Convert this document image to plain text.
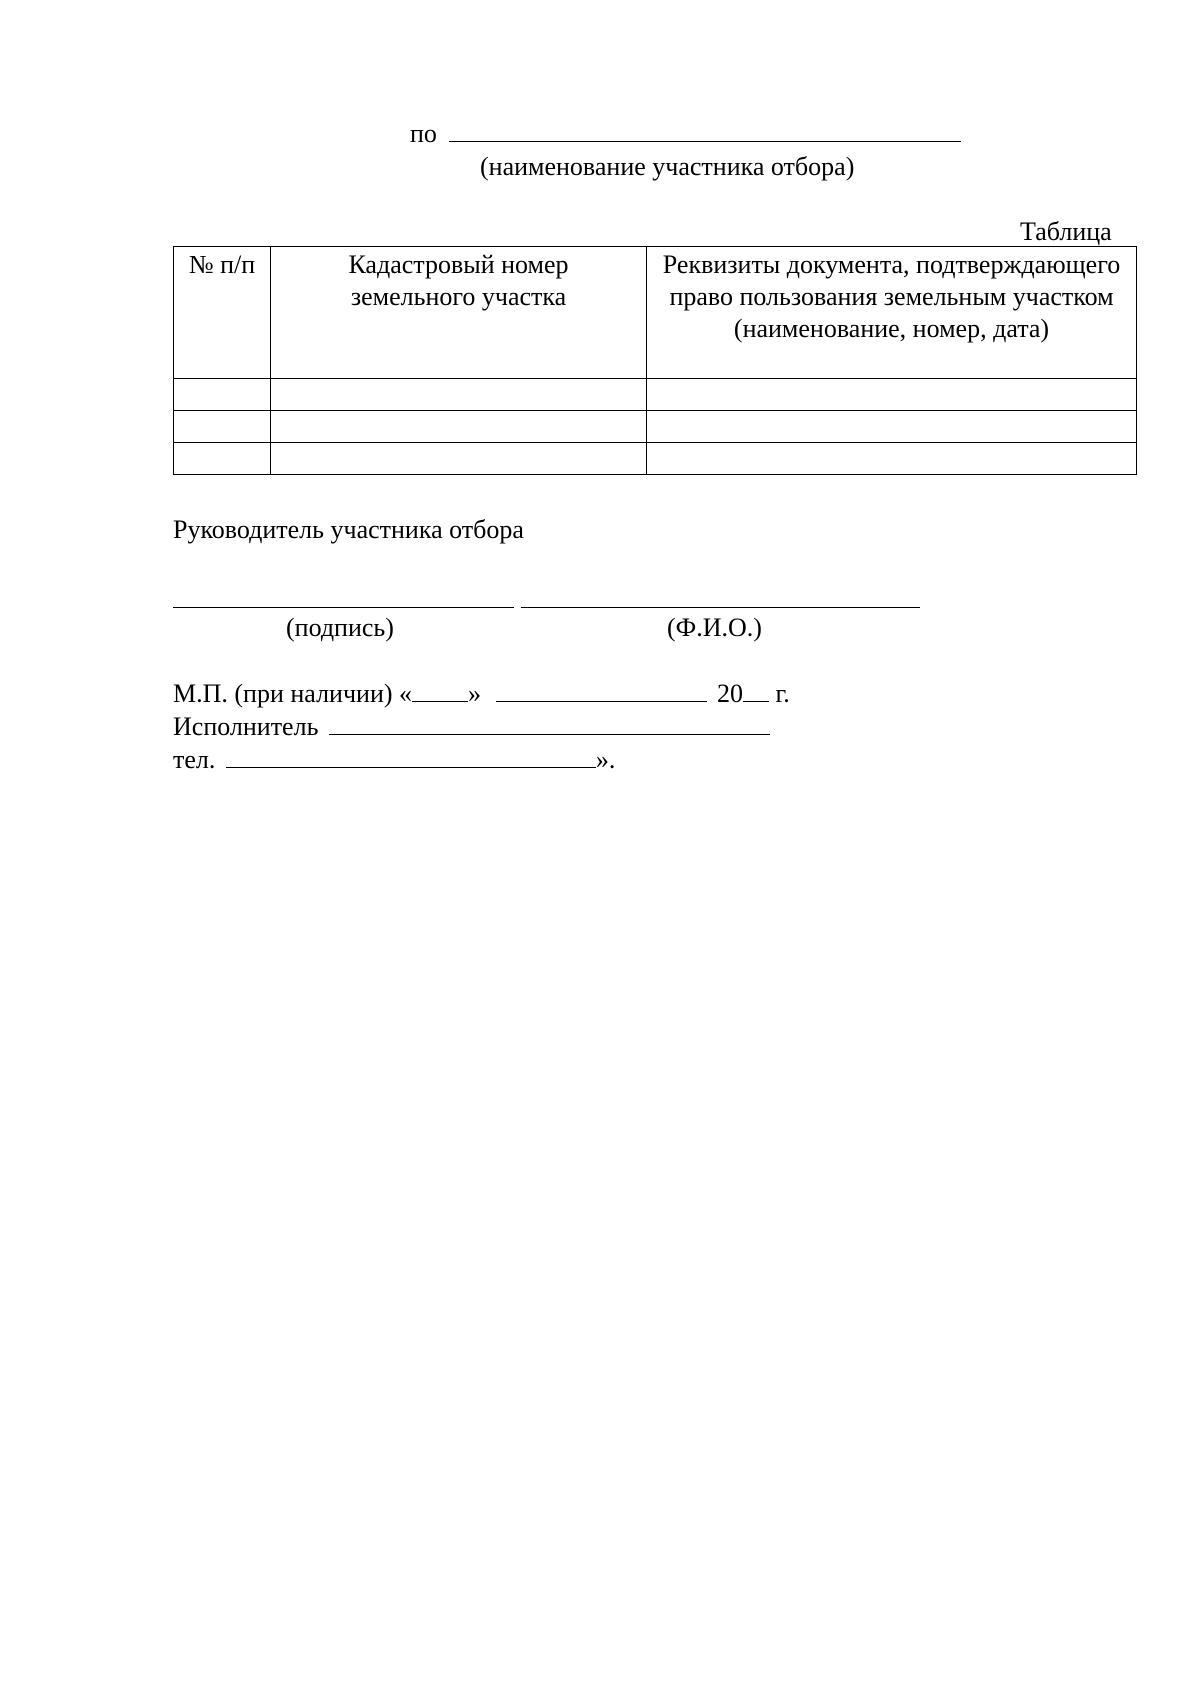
по
(наименование участника отбора)
Таблица
№ п/п	Кадастровый номер земельного участка	Реквизиты документа, подтверждающего право пользования земельным участком (наименование, номер, дата)

Руководитель участника отбора
(подпись)	(Ф.И.О.)
М.П. (при наличии) « »	20 г.
Исполнитель
тел.	».
